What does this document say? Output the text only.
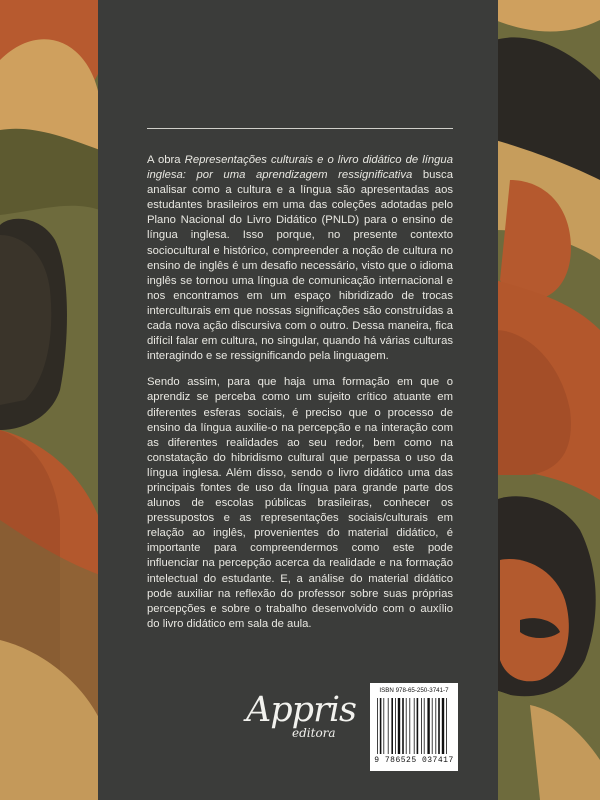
A obra Representações culturais e o livro didático de língua inglesa: por uma aprendizagem ressignificativa busca analisar como a cultura e a língua são apresentadas aos estudantes brasileiros em uma das coleções adotadas pelo Plano Nacional do Livro Didático (PNLD) para o ensino de língua inglesa. Isso porque, no presente contexto sociocultural e histórico, compreender a noção de cultura no ensino de inglês é um desafio necessário, visto que o idioma inglês se tornou uma língua de comunicação internacional e nos encontramos em um espaço hibridizado de trocas interculturais em que nossas significações são construídas a cada nova ação discursiva com o outro. Dessa maneira, fica difícil falar em cultura, no singular, quando há várias culturas interagindo e se ressignificando pela linguagem.

Sendo assim, para que haja uma formação em que o aprendiz se perceba como um sujeito crítico atuante em diferentes esferas sociais, é preciso que o processo de ensino da língua auxilie-o na percepção e na interação com as diferentes realidades ao seu redor, bem como na constatação do hibridismo cultural que perpassa o uso da língua inglesa. Além disso, sendo o livro didático uma das principais fontes de uso da língua para grande parte dos alunos de escolas públicas brasileiras, conhecer os pressupostos e as representações sociais/culturais em relação ao inglês, provenientes do material didático, é importante para compreendermos como este pode influenciar na percepção acerca da realidade e na formação intelectual do estudante. E, a análise do material didático pode auxiliar na reflexão do professor sobre suas próprias percepções e sobre o trabalho desenvolvido com o auxílio do livro didático em sala de aula.

Appris
editora
ISBN 978-65-250-3741-7
9 786525 037417
